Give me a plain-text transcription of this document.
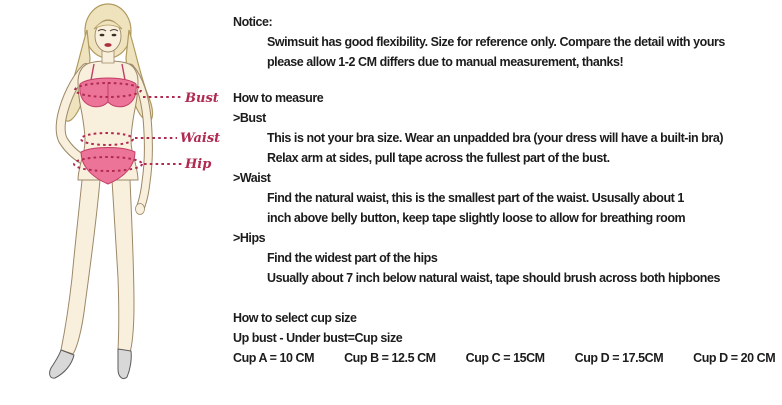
Bust
Waist
Hip
Notice:
Swimsuit has good flexibility. Size for reference only. Compare the detail with yours
please allow 1-2 CM differs due to manual measurement, thanks!
How to measure
>Bust
This is not your bra size. Wear an unpadded bra (your dress will have a built-in bra)
Relax arm at sides, pull tape across the fullest part of the bust.
>Waist
Find the natural waist, this is the smallest part of the waist. Ususally about 1
inch above belly button, keep tape slightly loose to allow for breathing room
>Hips
Find the widest part of the hips
Usually about 7 inch below natural waist, tape should brush across both hipbones
How to select cup size
Up bust - Under bust=Cup size
Cup A = 10 CM Cup B = 12.5 CM Cup C = 15CM Cup D = 17.5CM Cup D = 20 CM
